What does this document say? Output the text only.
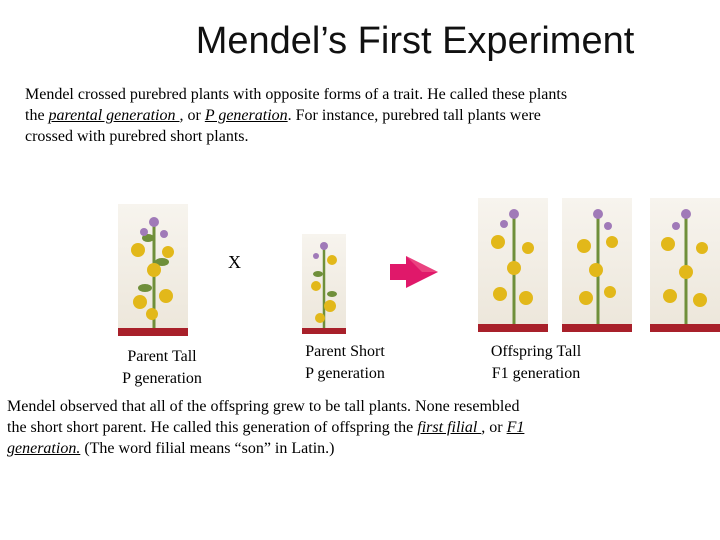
Mendel’s First Experiment
Mendel crossed purebred plants with opposite forms of a trait. He called these plants
the parental generation , or P generation. For instance, purebred tall plants were
crossed with purebred short plants.
X
Parent Tall
P generation
Parent Short
P generation
Offspring Tall
F1 generation
Mendel observed that all of the offspring grew to be tall plants. None resembled
the short short parent. He called this generation of offspring the first filial , or F1
generation. (The word filial means “son” in Latin.)
